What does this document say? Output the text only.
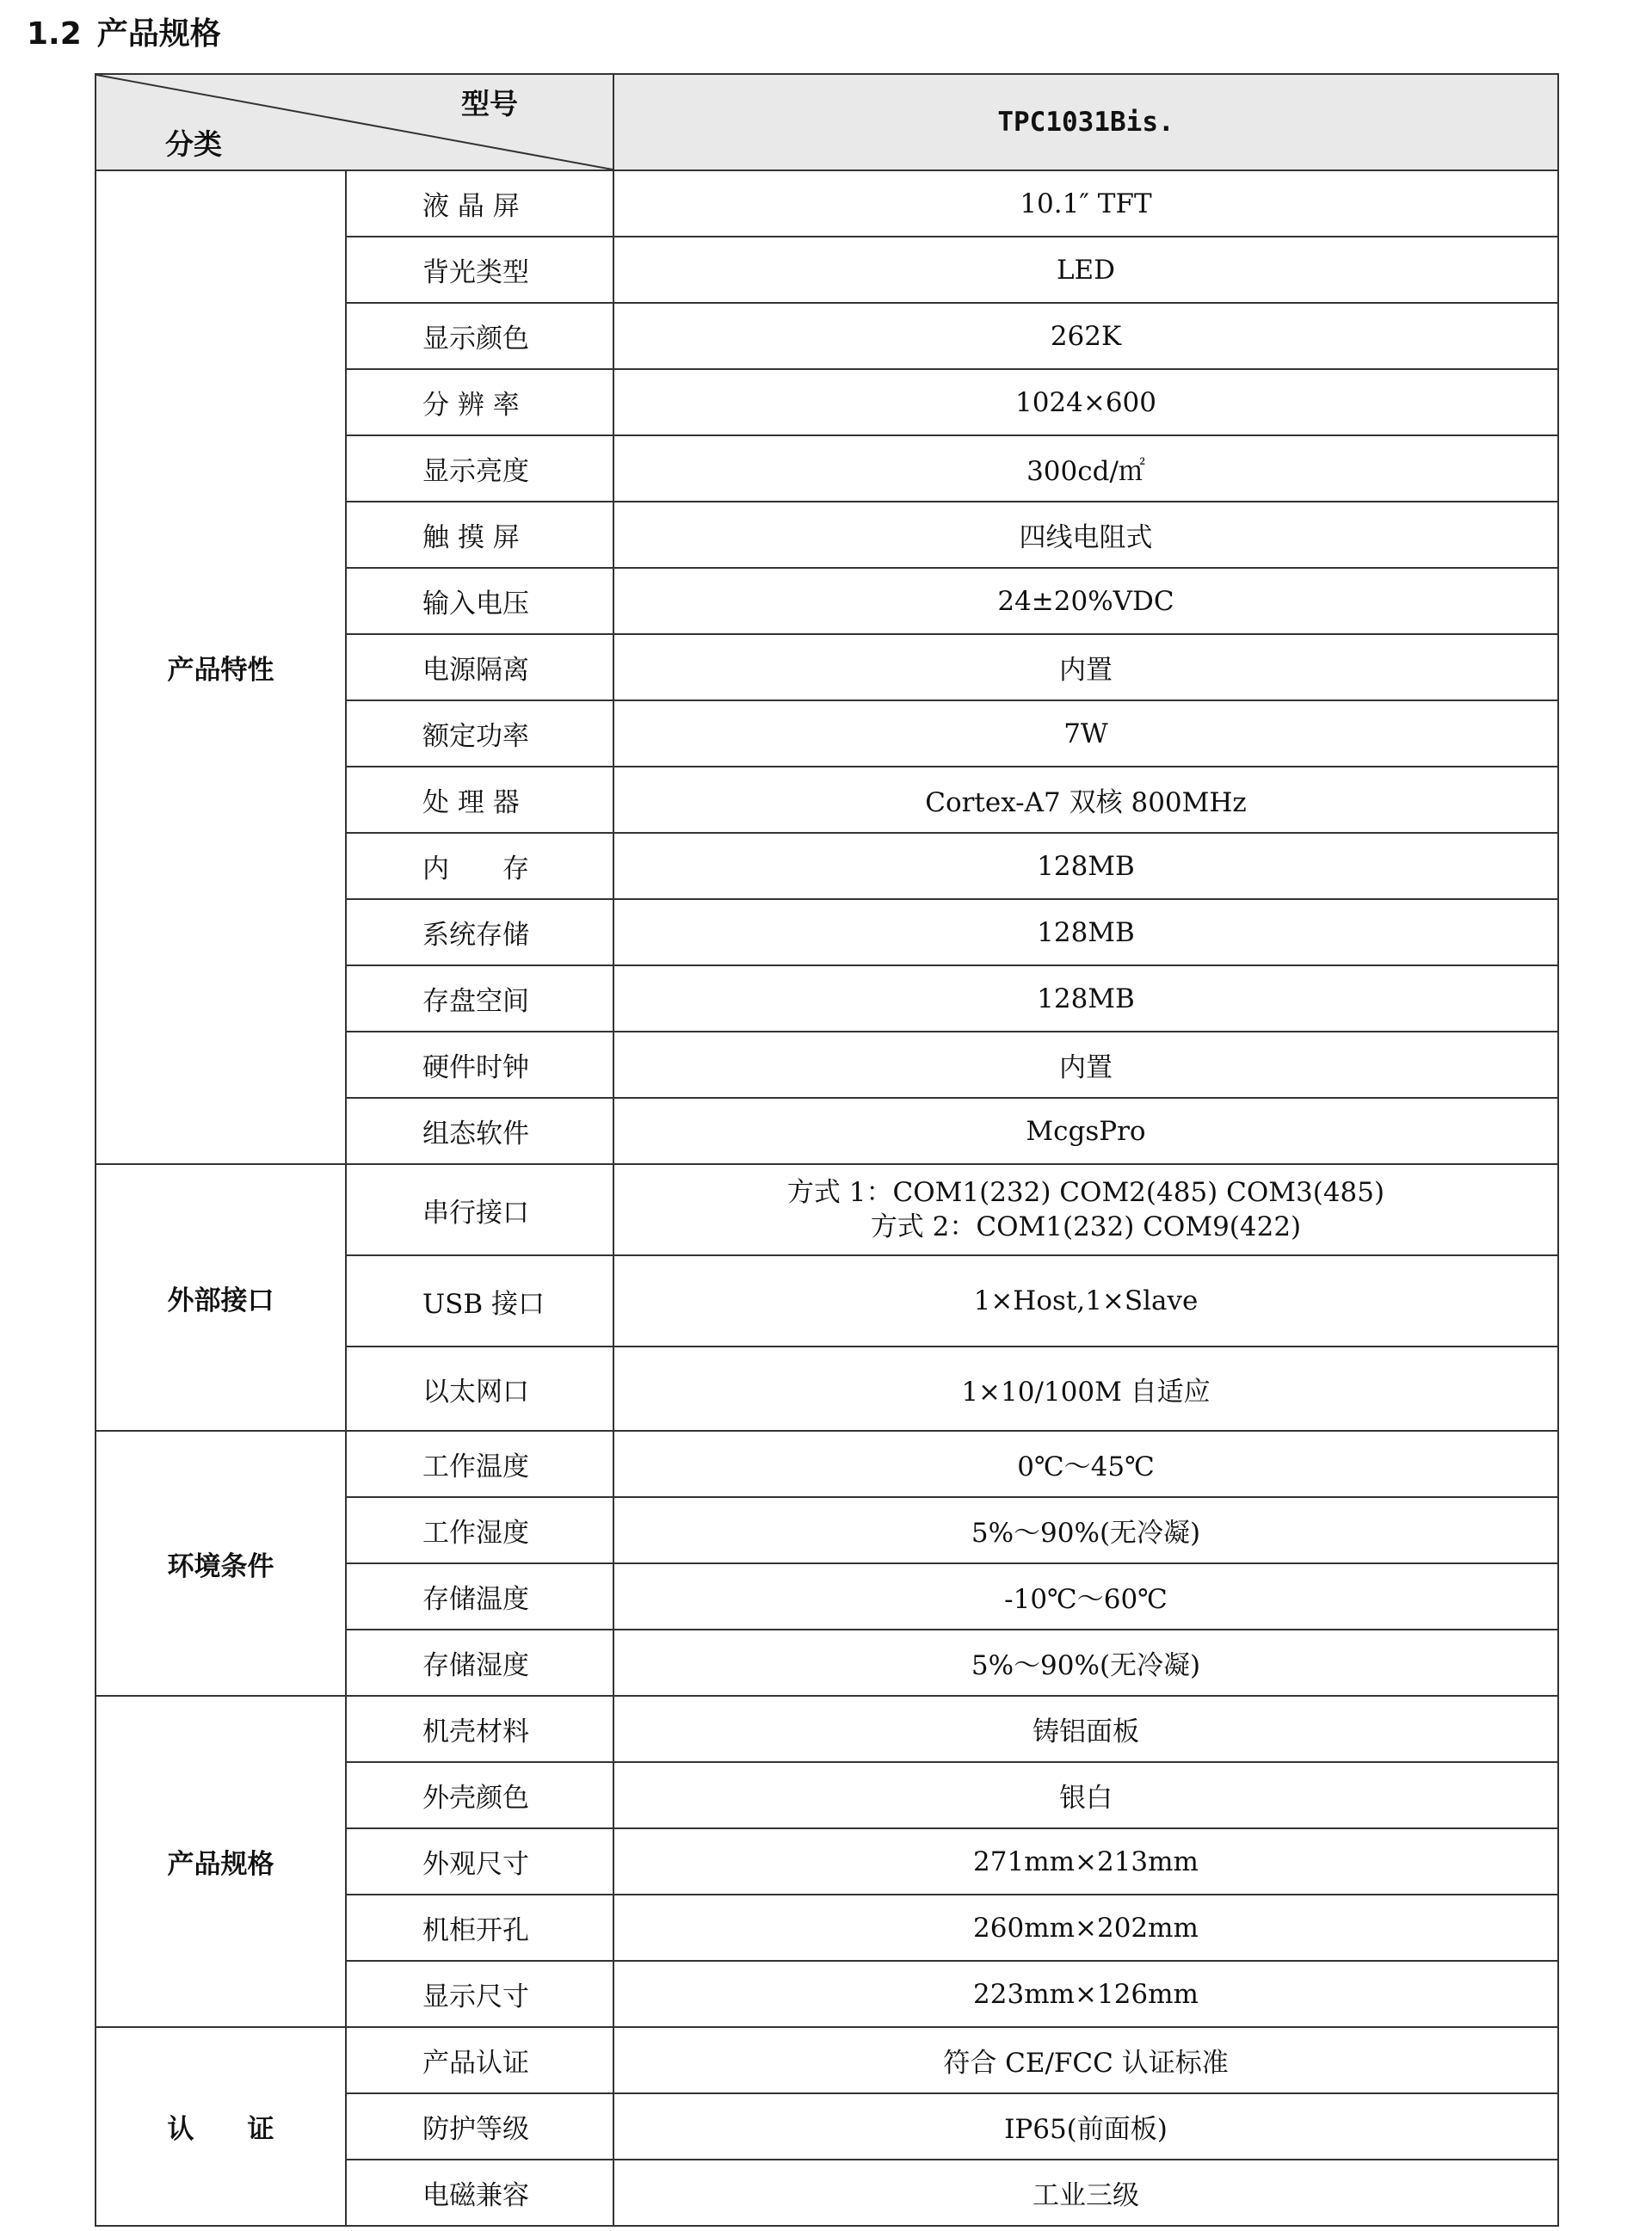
1.2 产品规格
型号
分类		TPC1031Bis.
产品特性	液 晶 屏	10.1″ TFT
	背光类型	LED
	显示颜色	262K
	分 辨 率	1024×600
	显示亮度	300cd/㎡
	触 摸 屏	四线电阻式
	输入电压	24±20%VDC
	电源隔离	内置
	额定功率	7W
	处 理 器	Cortex-A7 双核 800MHz
	内　　存	128MB
	系统存储	128MB
	存盘空间	128MB
	硬件时钟	内置
	组态软件	McgsPro
外部接口	串行接口	方式 1：COM1(232) COM2(485) COM3(485)
方式 2：COM1(232) COM9(422)

	USB 接口	1×Host,1×Slave
	以太网口	1×10/100M 自适应
环境条件	工作温度	0℃～45℃
	工作湿度	5%～90%(无冷凝)
	存储温度	-10℃～60℃
	存储湿度	5%～90%(无冷凝)
产品规格	机壳材料	铸铝面板
	外壳颜色	银白
	外观尺寸	271mm×213mm
	机柜开孔	260mm×202mm
	显示尺寸	223mm×126mm
认　　证	产品认证	符合 CE/FCC 认证标准
	防护等级	IP65(前面板)
	电磁兼容	工业三级
